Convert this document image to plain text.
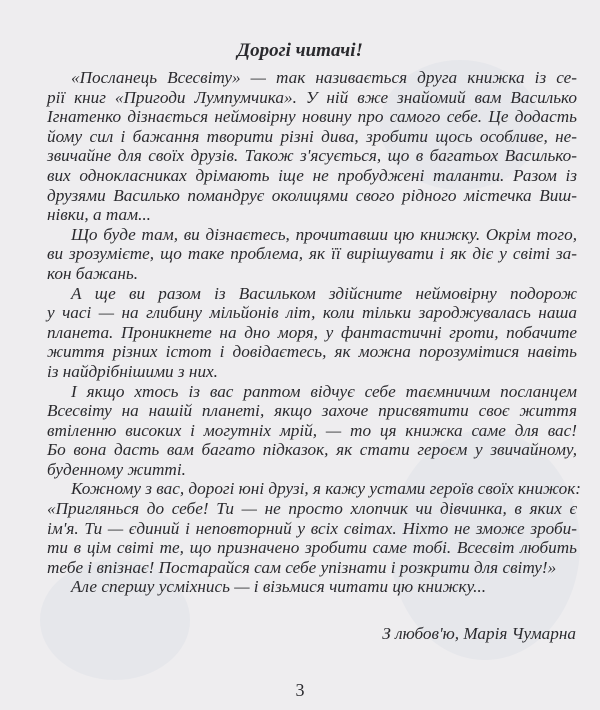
Дорогі читачі!
«Посланець Всесвіту» — так називається друга книжка із се-
рії книг «Пригоди Лумпумчика». У ній вже знайомий вам Василько
Ігнатенко дізнається неймовірну новину про самого себе. Це додасть
йому сил і бажання творити різні дива, зробити щось особливе, не-
звичайне для своїх друзів. Також з'ясується, що в багатьох Василько-
вих однокласниках дрімають іще не пробуджені таланти. Разом із
друзями Василько помандрує околицями свого рідного містечка Виш-
нівки, а там...
Що буде там, ви дізнаєтесь, прочитавши цю книжку. Окрім того,
ви зрозумієте, що таке проблема, як її вирішувати і як діє у світі за-
кон бажань.
А ще ви разом із Васильком здійсните неймовірну подорож
у часі — на глибину мільйонів літ, коли тільки зароджувалась наша
планета. Проникнете на дно моря, у фантастичні гроти, побачите
життя різних істот і довідаєтесь, як можна порозумітися навіть
із найдрібнішими з них.
І якщо хтось із вас раптом відчує себе таємничим посланцем
Всесвіту на нашій планеті, якщо захоче присвятити своє життя
втіленню високих і могутніх мрій, — то ця книжка саме для вас!
Бо вона дасть вам багато підказок, як стати героєм у звичайному,
буденному житті.
Кожному з вас, дорогі юні друзі, я кажу устами героїв своїх книжок:
«Приглянься до себе! Ти — не просто хлопчик чи дівчинка, в яких є
ім'я. Ти — єдиний і неповторний у всіх світах. Ніхто не зможе зроби-
ти в цім світі те, що призначено зробити саме тобі. Всесвіт любить
тебе і впізнає! Постарайся сам себе упізнати і розкрити для світу!»
Але спершу усміхнись — і візьмися читати цю книжку...
З любов'ю, Марія Чумарна
3
